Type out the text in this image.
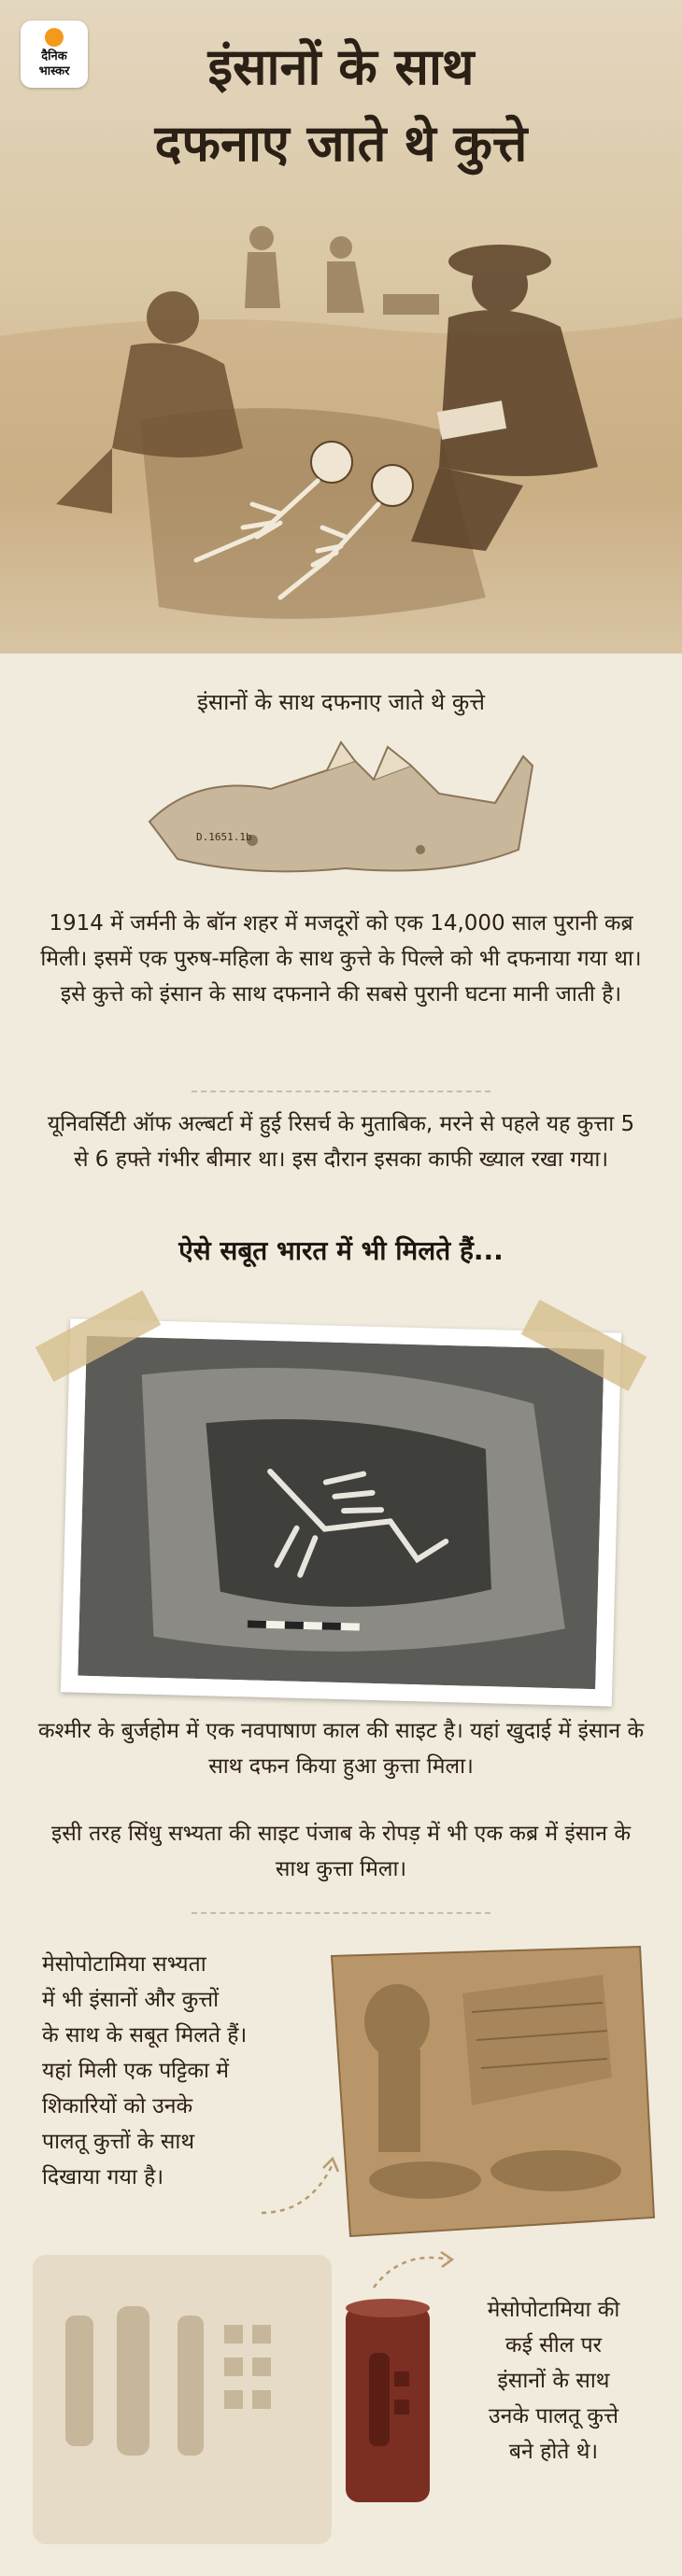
दैनिक
भास्कर	इंसानों के साथ
दफनाए जाते थे कुत्ते
इंसानों के साथ दफनाए जाते थे कुत्ते
D.1651.1b
1914 में जर्मनी के बॉन शहर में मजदूरों को एक 14,000 साल पुरानी कब्र मिली। इसमें एक पुरुष-महिला के साथ कुत्ते के पिल्ले को भी दफनाया गया था। इसे कुत्ते को इंसान के साथ दफनाने की सबसे पुरानी घटना मानी जाती है।
यूनिवर्सिटी ऑफ अल्बर्टा में हुई रिसर्च के मुताबिक, मरने से पहले यह कुत्ता 5 से 6 हफ्ते गंभीर बीमार था। इस दौरान इसका काफी ख्याल रखा गया।
ऐसे सबूत भारत में भी मिलते हैं...
कश्मीर के बुर्जहोम में एक नवपाषाण काल की साइट है। यहां खुदाई में इंसान के साथ दफन किया हुआ कुत्ता मिला।
इसी तरह सिंधु सभ्यता की साइट पंजाब के रोपड़ में भी एक कब्र में इंसान के साथ कुत्ता मिला।
मेसोपोटामिया सभ्यता
में भी इंसानों और कुत्तों
के साथ के सबूत मिलते हैं।
यहां मिली एक पट्टिका में
शिकारियों को उनके
पालतू कुत्तों के साथ
दिखाया गया है।
मेसोपोटामिया की
कई सील पर
इंसानों के साथ
उनके पालतू कुत्ते
बने होते थे।
